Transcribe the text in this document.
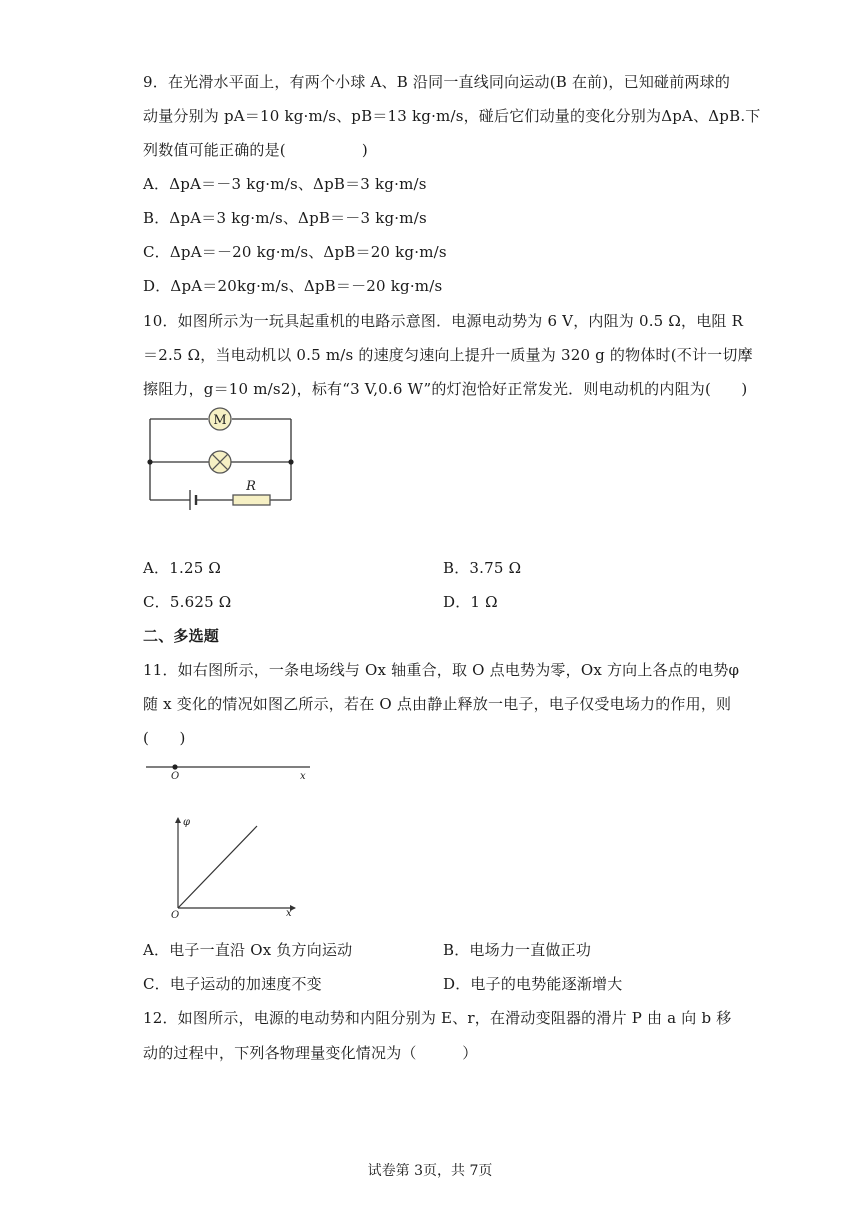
9．在光滑水平面上，有两个小球 A、B 沿同一直线同向运动(B 在前)，已知碰前两球的
动量分别为 pA＝10 kg·m/s、pB＝13 kg·m/s，碰后它们动量的变化分别为ΔpA、ΔpB.下
列数值可能正确的是(　　　　　)
A．ΔpA＝－3 kg·m/s、ΔpB＝3 kg·m/s
B．ΔpA＝3 kg·m/s、ΔpB＝－3 kg·m/s
C．ΔpA＝－20 kg·m/s、ΔpB＝20 kg·m/s
D．ΔpA＝20kg·m/s、ΔpB＝－20 kg·m/s
10．如图所示为一玩具起重机的电路示意图．电源电动势为 6 V，内阻为 0.5 Ω，电阻 R
＝2.5 Ω，当电动机以 0.5 m/s 的速度匀速向上提升一质量为 320 g 的物体时(不计一切摩
擦阻力，g＝10 m/s2)，标有“3 V,0.6 W”的灯泡恰好正常发光．则电动机的内阻为(　　)
M
R
A．1.25 Ω	B．3.75 Ω
C．5.625 Ω	D．1 Ω
二、多选题
11．如右图所示，一条电场线与 Ox 轴重合，取 O 点电势为零，Ox 方向上各点的电势φ
随 x 变化的情况如图乙所示，若在 O 点由静止释放一电子，电子仅受电场力的作用，则
(　　)
O	x
φ
O	x
A．电子一直沿 Ox 负方向运动	B．电场力一直做正功
C．电子运动的加速度不变	D．电子的电势能逐渐增大
12．如图所示，电源的电动势和内阻分别为 E、r，在滑动变阻器的滑片 P 由 a 向 b 移
动的过程中，下列各物理量变化情况为（　　　）
试卷第 3页，共 7页
